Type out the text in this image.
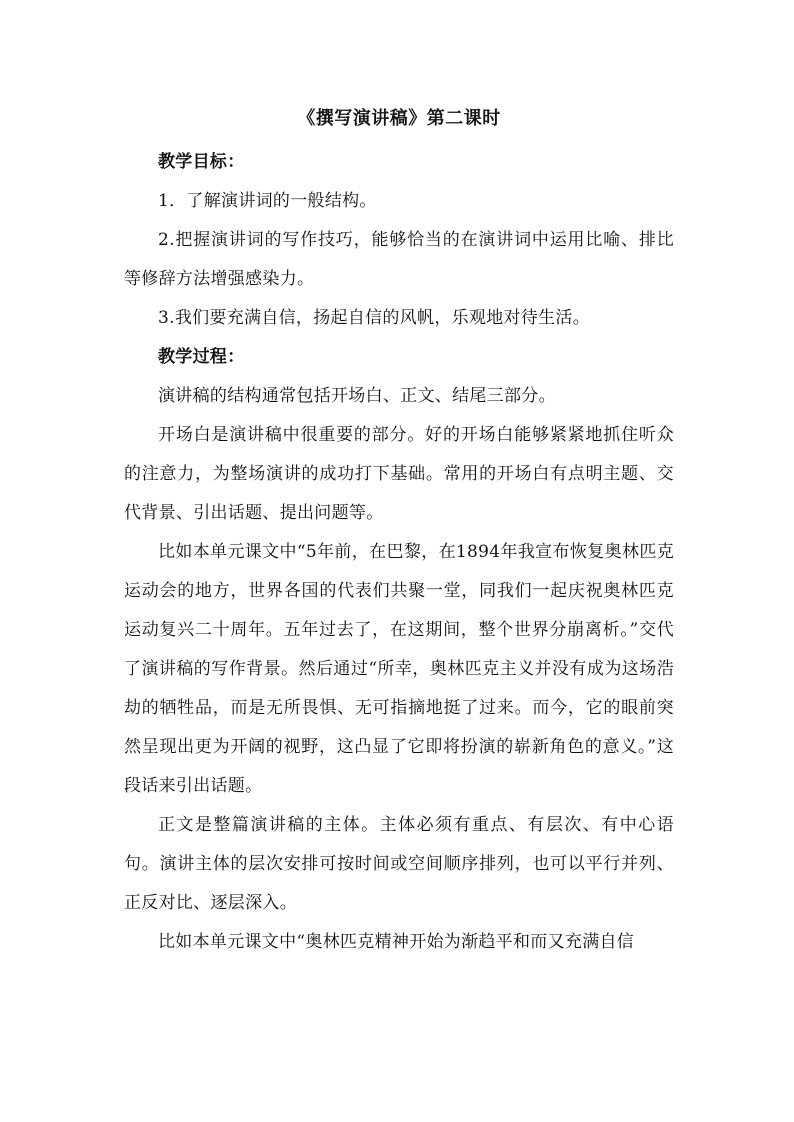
《撰写演讲稿》第二课时

教学目标：

1．了解演讲词的一般结构。

2.把握演讲词的写作技巧，能够恰当的在演讲词中运用比喻、排比等修辞方法增强感染力。

3.我们要充满自信，扬起自信的风帆，乐观地对待生活。

教学过程：

演讲稿的结构通常包括开场白、正文、结尾三部分。

开场白是演讲稿中很重要的部分。好的开场白能够紧紧地抓住听众的注意力，为整场演讲的成功打下基础。常用的开场白有点明主题、交代背景、引出话题、提出问题等。

比如本单元课文中“5年前，在巴黎，在1894年我宣布恢复奥林匹克运动会的地方，世界各国的代表们共聚一堂，同我们一起庆祝奥林匹克运动复兴二十周年。五年过去了，在这期间，整个世界分崩离析。”交代了演讲稿的写作背景。然后通过“所幸，奥林匹克主义并没有成为这场浩劫的牺牲品，而是无所畏惧、无可指摘地挺了过来。而今，它的眼前突然呈现出更为开阔的视野，这凸显了它即将扮演的崭新角色的意义。”这段话来引出话题。

正文是整篇演讲稿的主体。主体必须有重点、有层次、有中心语句。演讲主体的层次安排可按时间或空间顺序排列，也可以平行并列、正反对比、逐层深入。

比如本单元课文中“奥林匹克精神开始为渐趋平和而又充满自信
